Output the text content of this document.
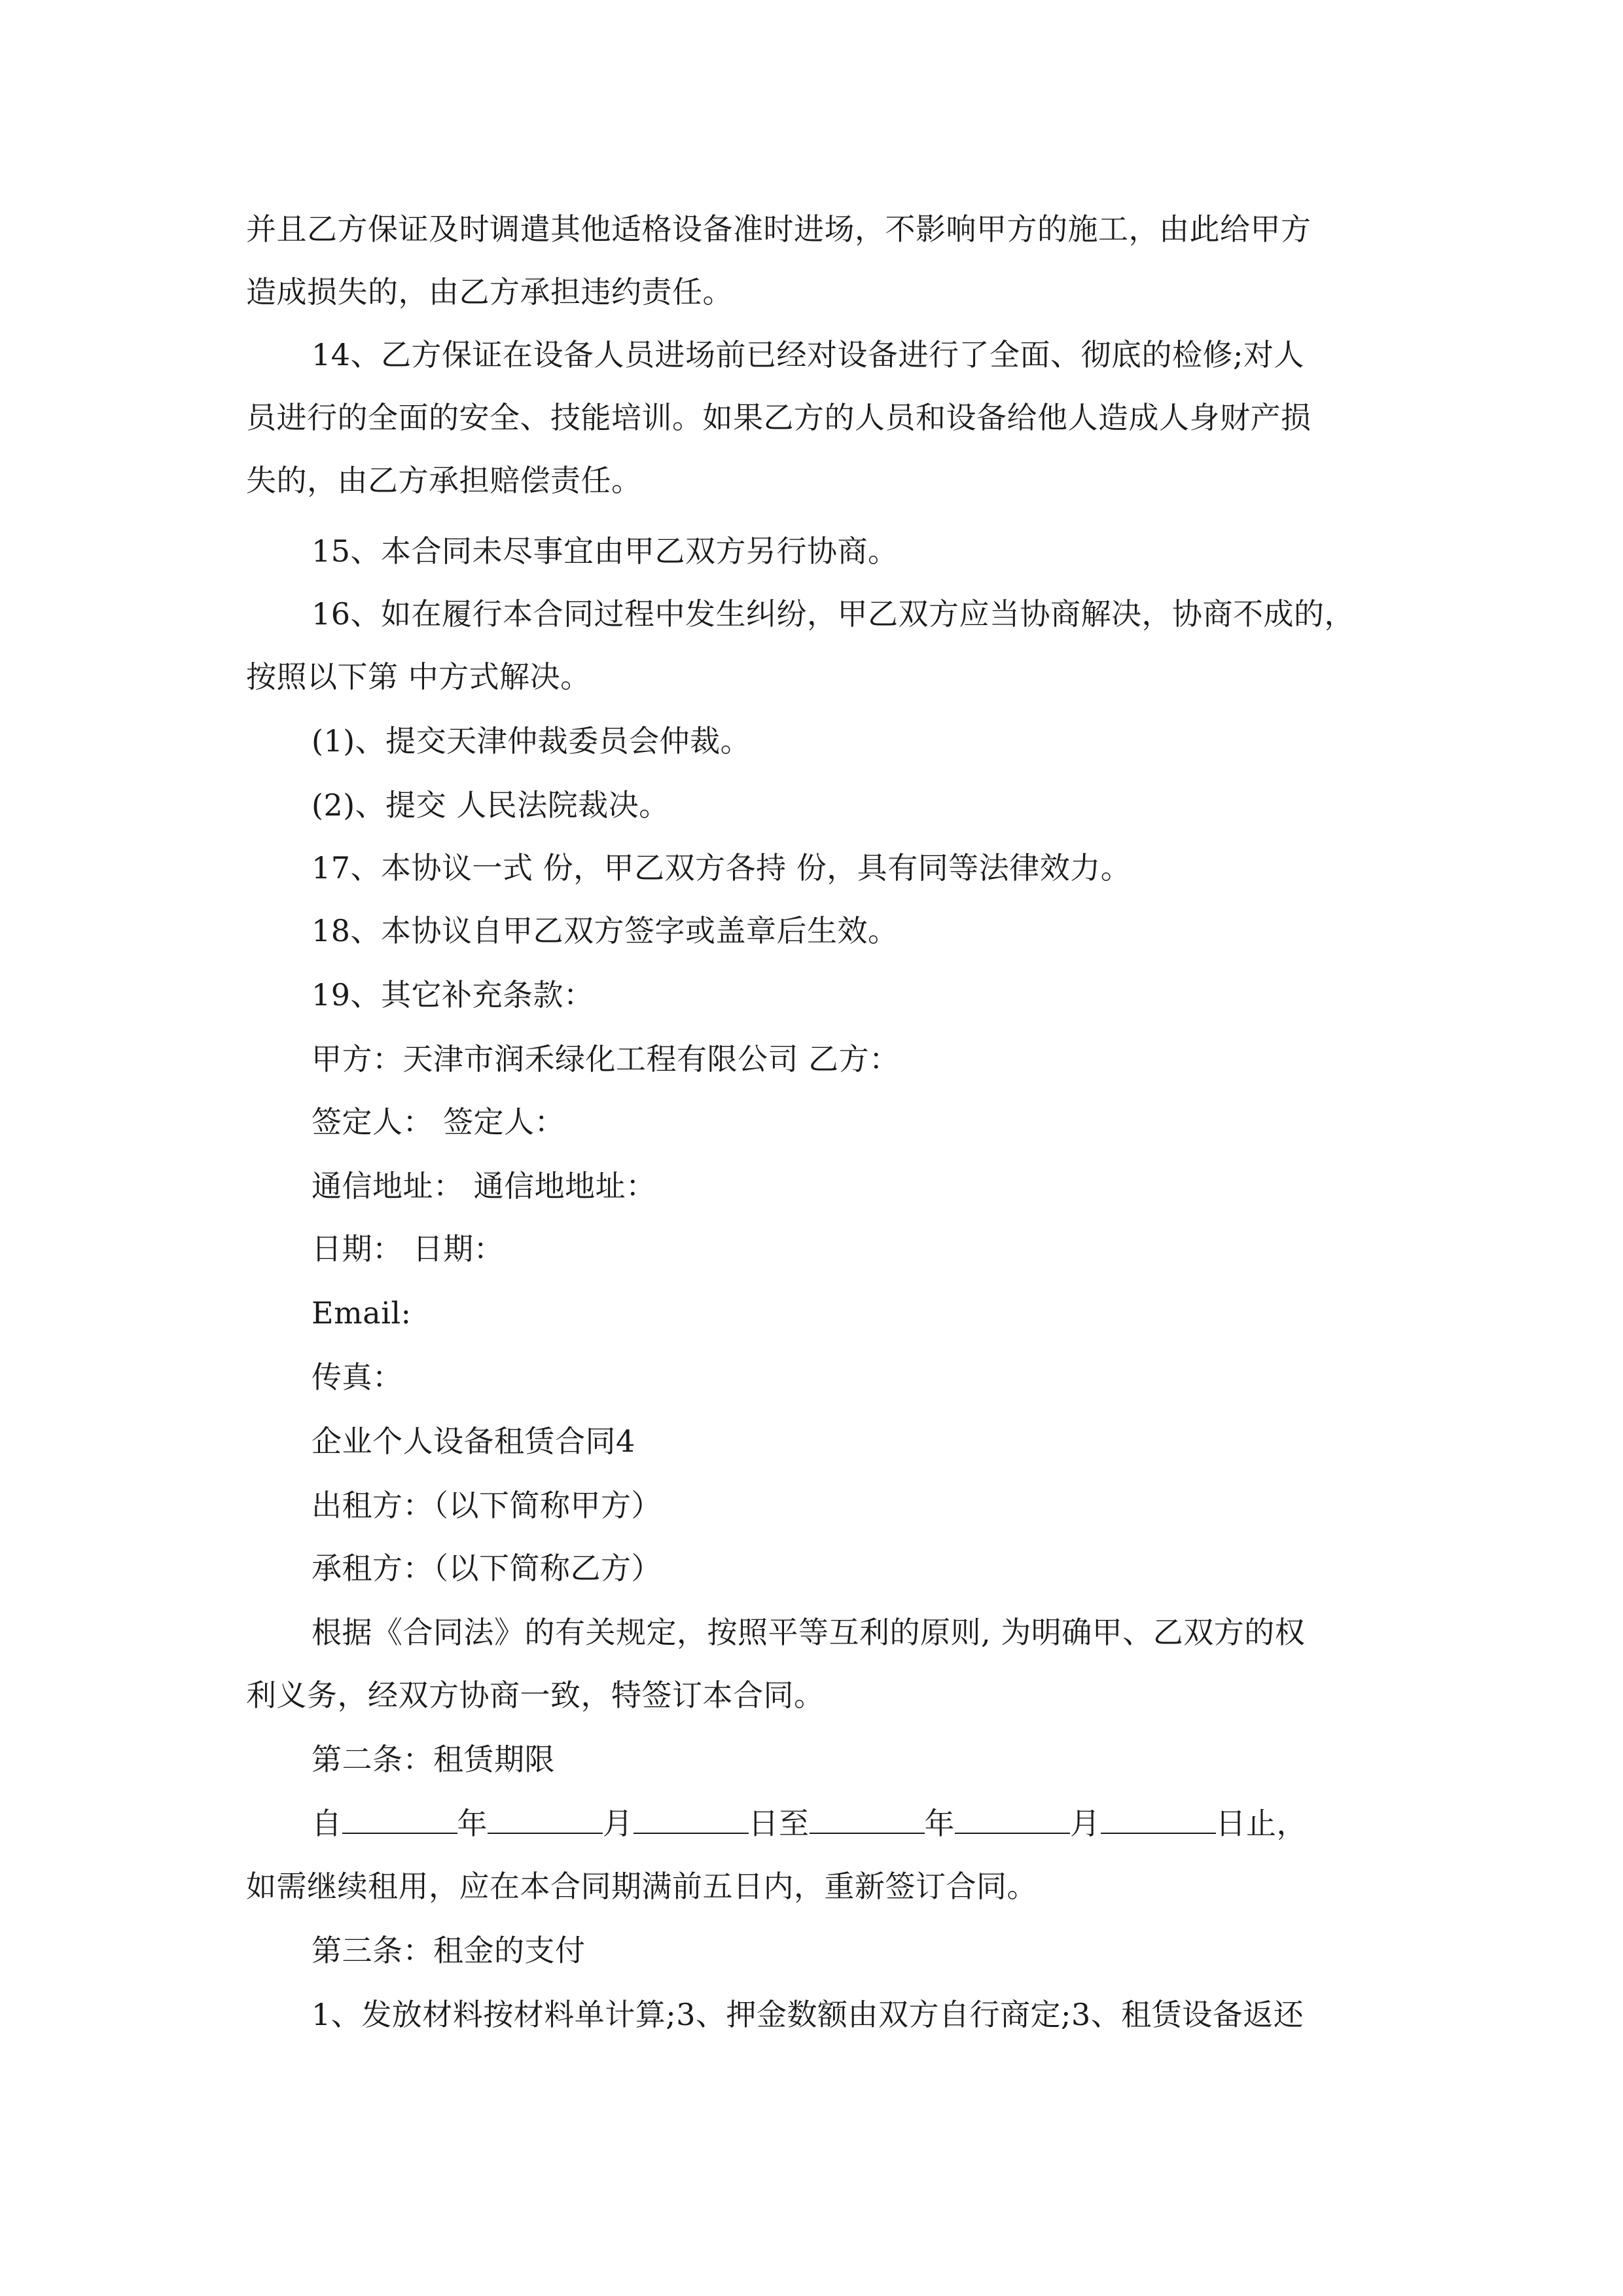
并且乙方保证及时调遣其他适格设备准时进场，不影响甲方的施工，由此给甲方
造成损失的，由乙方承担违约责任。
14、乙方保证在设备人员进场前已经对设备进行了全面、彻底的检修;对人
员进行的全面的安全、技能培训。如果乙方的人员和设备给他人造成人身财产损
失的，由乙方承担赔偿责任。
15、本合同未尽事宜由甲乙双方另行协商。
16、如在履行本合同过程中发生纠纷，甲乙双方应当协商解决，协商不成的，
按照以下第 中方式解决。
(1)、提交天津仲裁委员会仲裁。
(2)、提交 人民法院裁决。
17、本协议一式 份，甲乙双方各持 份，具有同等法律效力。
18、本协议自甲乙双方签字或盖章后生效。
19、其它补充条款：
甲方：天津市润禾绿化工程有限公司 乙方：
签定人： 签定人：
通信地址： 通信地地址：
日期： 日期：
Email:
传真：
企业个人设备租赁合同4
出租方：（以下简称甲方）
承租方：（以下简称乙方）
根据《合同法》的有关规定，按照平等互利的原则, 为明确甲、乙双方的权
利义务，经双方协商一致，特签订本合同。
第二条：租赁期限
自	年	月	日至	年	月	日止，
如需继续租用，应在本合同期满前五日内，重新签订合同。
第三条：租金的支付
1、发放材料按材料单计算;3、押金数额由双方自行商定;3、租赁设备返还
